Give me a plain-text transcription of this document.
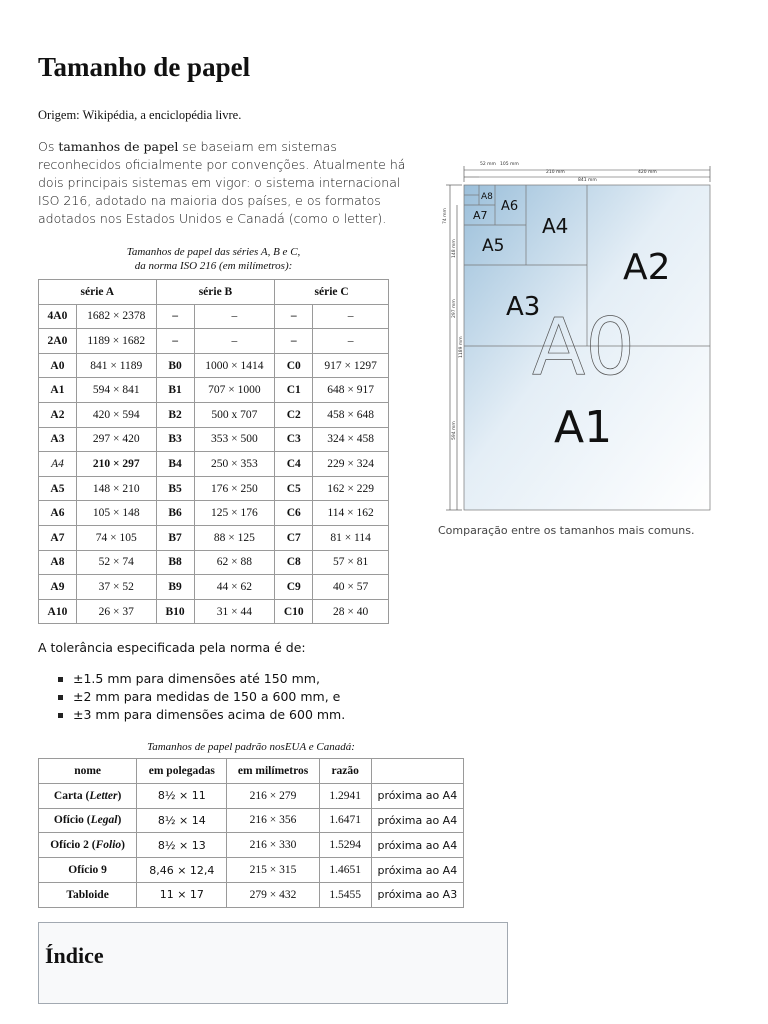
Tamanho de papel
Origem: Wikipédia, a enciclopédia livre.
Os tamanhos de papel se baseiam em sistemas reconhecidos oficialmente por convenções. Atualmente há dois principais sistemas em vigor: o sistema internacional ISO 216, adotado na maioria dos países, e os formatos adotados nos Estados Unidos e Canadá (como o letter).
Tamanhos de papel das séries A, B e C,
da norma ISO 216 (em milímetros):
série A		série B		série C	
4A0	1682 × 2378	–	–	–	–
2A0	1189 × 1682	–	–	–	–
A0	841 × 1189	B0	1000 × 1414	C0	917 × 1297
A1	594 × 841	B1	707 × 1000	C1	648 × 917
A2	420 × 594	B2	500 x 707	C2	458 × 648
A3	297 × 420	B3	353 × 500	C3	324 × 458
A4	210 × 297	B4	250 × 353	C4	229 × 324
A5	148 × 210	B5	176 × 250	C5	162 × 229
A6	105 × 148	B6	125 × 176	C6	114 × 162
A7	74 × 105	B7	88 × 125	C7	81 × 114
A8	52 × 74	B8	62 × 88	C8	57 × 81
A9	37 × 52	B9	44 × 62	C9	40 × 57
A10	26 × 37	B10	31 × 44	C10	28 × 40
A tolerância especificada pela norma é de:
±1.5 mm para dimensões até 150 mm,
±2 mm para medidas de 150 a 600 mm, e
±3 mm para dimensões acima de 600 mm.
Tamanhos de papel padrão nosEUA e Canadá:
nome	em polegadas	em milímetros	razão	
Carta (Letter)	8½ × 11	216 × 279	1.2941	próxima ao A4
Ofício (Legal)	8½ × 14	216 × 356	1.6471	próxima ao A4
Ofício 2 (Folio)	8½ × 13	216 × 330	1.5294	próxima ao A4
Ofício 9	8,46 × 12,4	215 × 315	1.4651	próxima ao A4
Tabloide	11 × 17	279 × 432	1.5455	próxima ao A3
52 mm 105 mm
210 mm	420 mm
841 mm
74 mm
148 mm
297 mm
1189 mm
594 mm
A2
A1
A3
A4
A5
A6
A7
A8
A0
Comparação entre os tamanhos mais comuns.
Índice
